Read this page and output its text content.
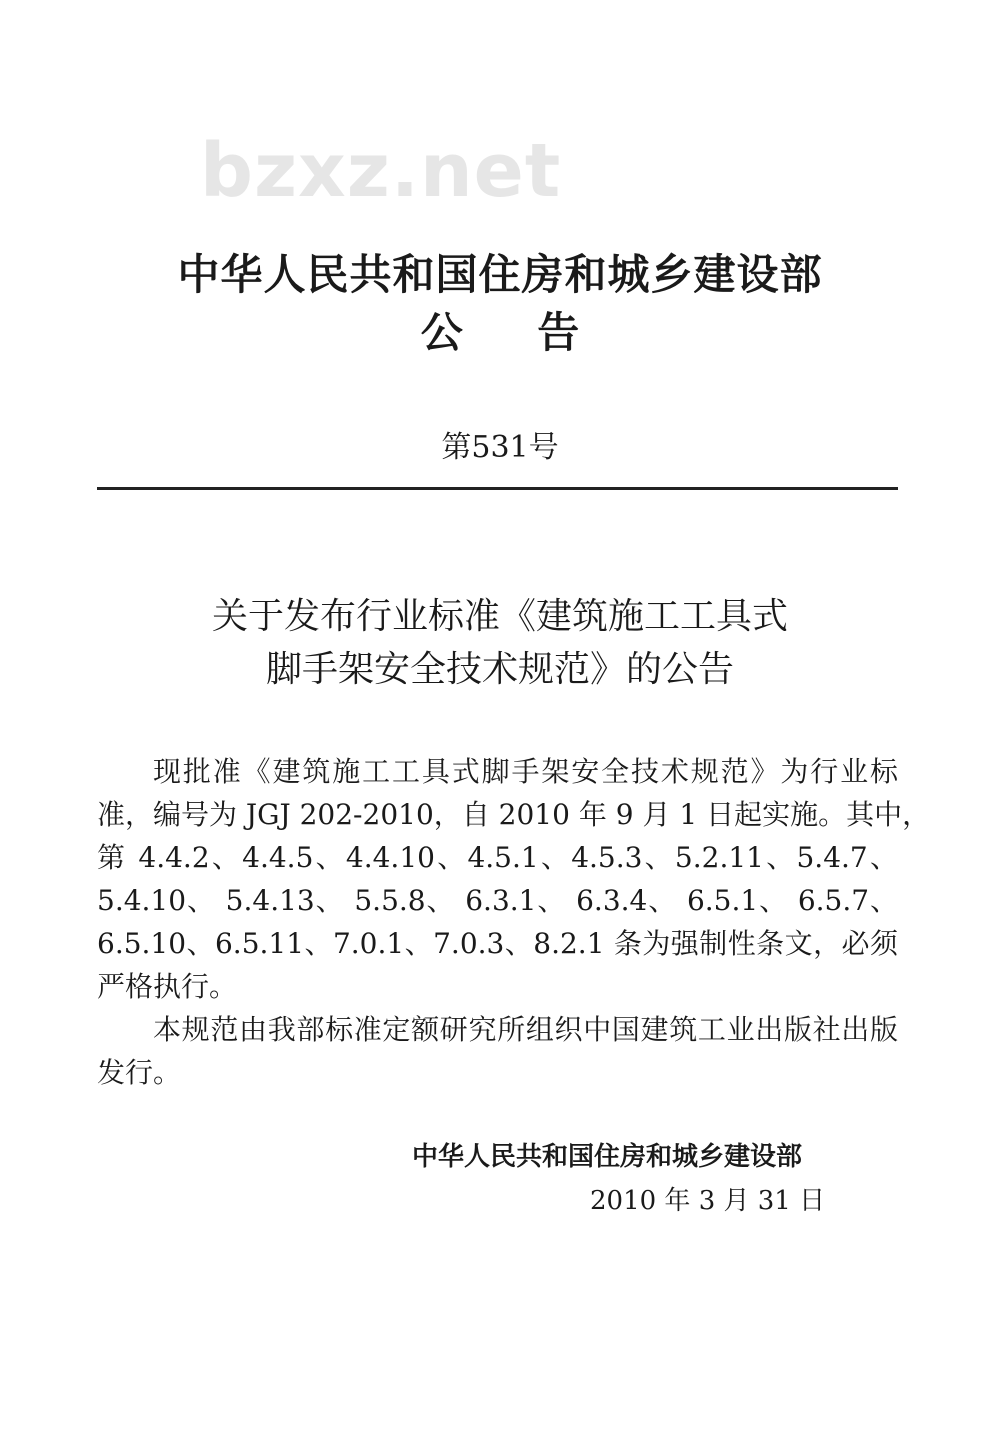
bzxz.net
中华人民共和国住房和城乡建设部
公 告
第531号
关于发布行业标准《建筑施工工具式
脚手架安全技术规范》的公告
现批准《建筑施工工具式脚手架安全技术规范》为行业标
准，编号为 JGJ 202-2010，自 2010 年 9 月 1 日起实施。其中，
第 4.4.2、4.4.5、4.4.10、4.5.1、4.5.3、5.2.11、5.4.7、
5.4.10、 5.4.13、 5.5.8、 6.3.1、 6.3.4、 6.5.1、 6.5.7、
6.5.10、6.5.11、7.0.1、7.0.3、8.2.1 条为强制性条文，必须
严格执行。
本规范由我部标准定额研究所组织中国建筑工业出版社出版
发行。
中华人民共和国住房和城乡建设部
2010 年 3 月 31 日
